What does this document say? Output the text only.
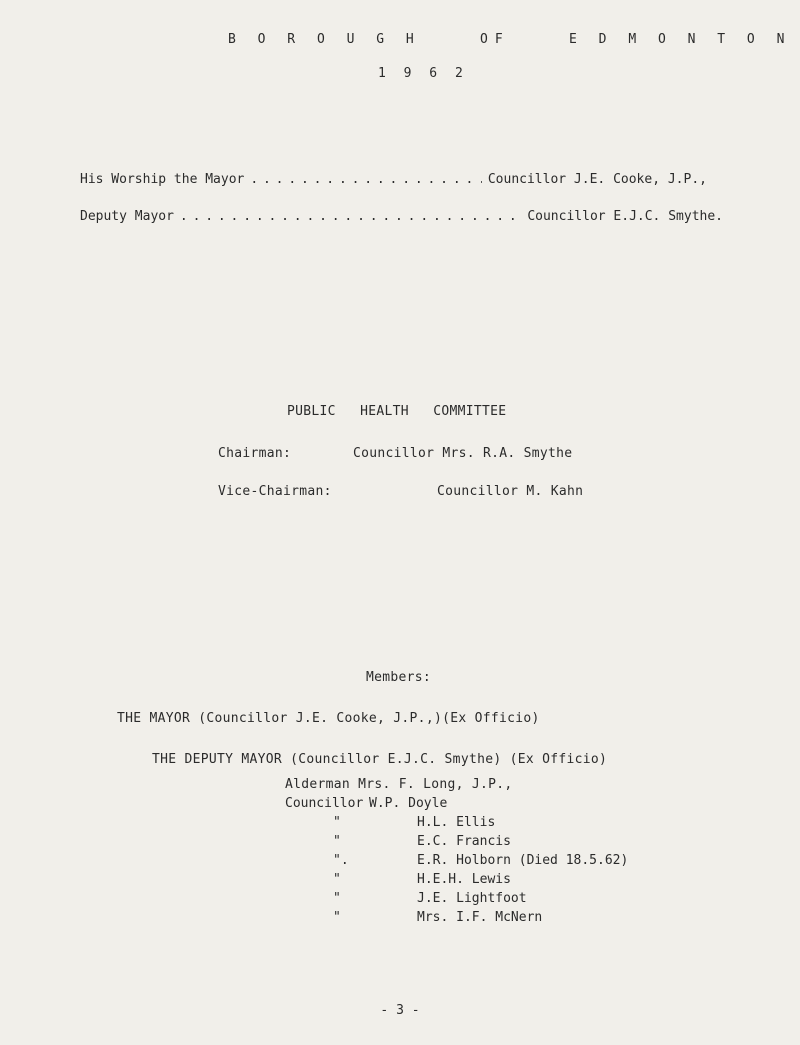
B O R O U G H    OF    E D M O N T O N
1 9 6 2
His Worship the Mayor . . .	Councillor J.E. Cooke, J.P.,
Deputy Mayor . . .	Councillor E.J.C. Smythe.
PUBLIC   HEALTH   COMMITTEE
Chairman:	Councillor Mrs. R.A. Smythe
Vice-Chairman:	Councillor M. Kahn
Members:
THE MAYOR (Councillor J.E. Cooke, J.P.,)(Ex Officio)
THE DEPUTY MAYOR (Councillor E.J.C. Smythe) (Ex Officio)
Alderman Mrs. F. Long, J.P.,
Councillor W.P. Doyle
"	H.L. Ellis
"	E.C. Francis
".	E.R. Holborn (Died 18.5.62)
"	H.E.H. Lewis
"	J.E. Lightfoot
"	Mrs. I.F. McNern
- 3 -
